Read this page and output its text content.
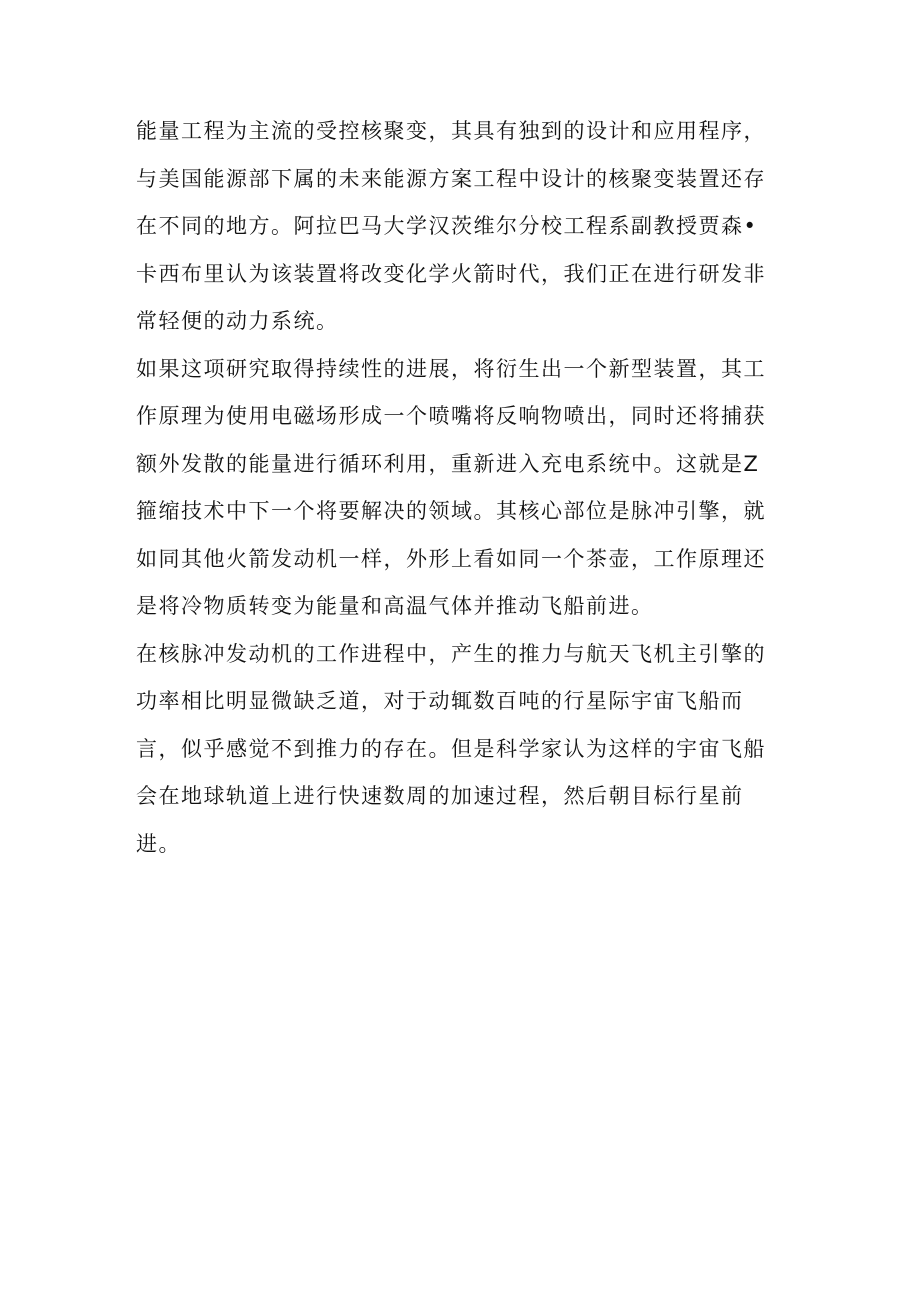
能量工程为主流的受控核聚变，其具有独到的设计和应用程序，
与美国能源部下属的未来能源方案工程中设计的核聚变装置还存
在不同的地方。阿拉巴马大学汉茨维尔分校工程系副教授贾森•
卡西布里认为该装置将改变化学火箭时代，我们正在进行研发非
常轻便的动力系统。
如果这项研究取得持续性的进展，将衍生出一个新型装置，其工
作原理为使用电磁场形成一个喷嘴将反响物喷出，同时还将捕获
额外发散的能量进行循环利用，重新进入充电系统中。这就是Z
箍缩技术中下一个将要解决的领域。其核心部位是脉冲引擎，就
如同其他火箭发动机一样，外形上看如同一个茶壶，工作原理还
是将冷物质转变为能量和高温气体并推动飞船前进。
在核脉冲发动机的工作进程中，产生的推力与航天飞机主引擎的
功率相比明显微缺乏道，对于动辄数百吨的行星际宇宙飞船而
言，似乎感觉不到推力的存在。但是科学家认为这样的宇宙飞船
会在地球轨道上进行快速数周的加速过程，然后朝目标行星前
进。
